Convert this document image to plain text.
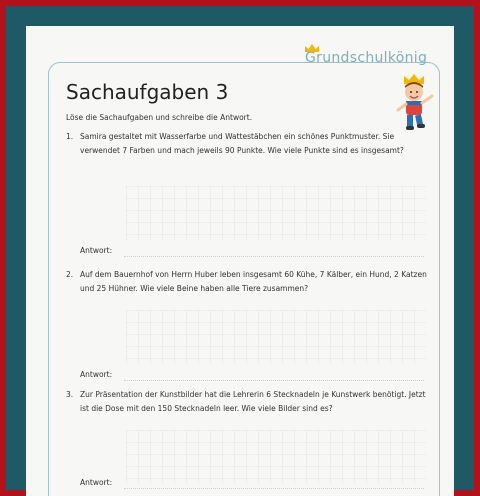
Grundschulkönig
Sachaufgaben 3
Löse die Sachaufgaben und schreibe die Antwort.
1. Samira gestaltet mit Wasserfarbe und Wattestäbchen ein schönes Punktmuster. Sie verwendet 7 Farben und mach jeweils 90 Punkte. Wie viele Punkte sind es insgesamt?
Antwort:
2. Auf dem Bauernhof von Herrn Huber leben insgesamt 60 Kühe, 7 Kälber, ein Hund, 2 Katzen und 25 Hühner. Wie viele Beine haben alle Tiere zusammen?
Antwort:
3. Zur Präsentation der Kunstbilder hat die Lehrerin 6 Stecknadeln je Kunstwerk benötigt. Jetzt ist die Dose mit den 150 Stecknadeln leer. Wie viele Bilder sind es?
Antwort:
